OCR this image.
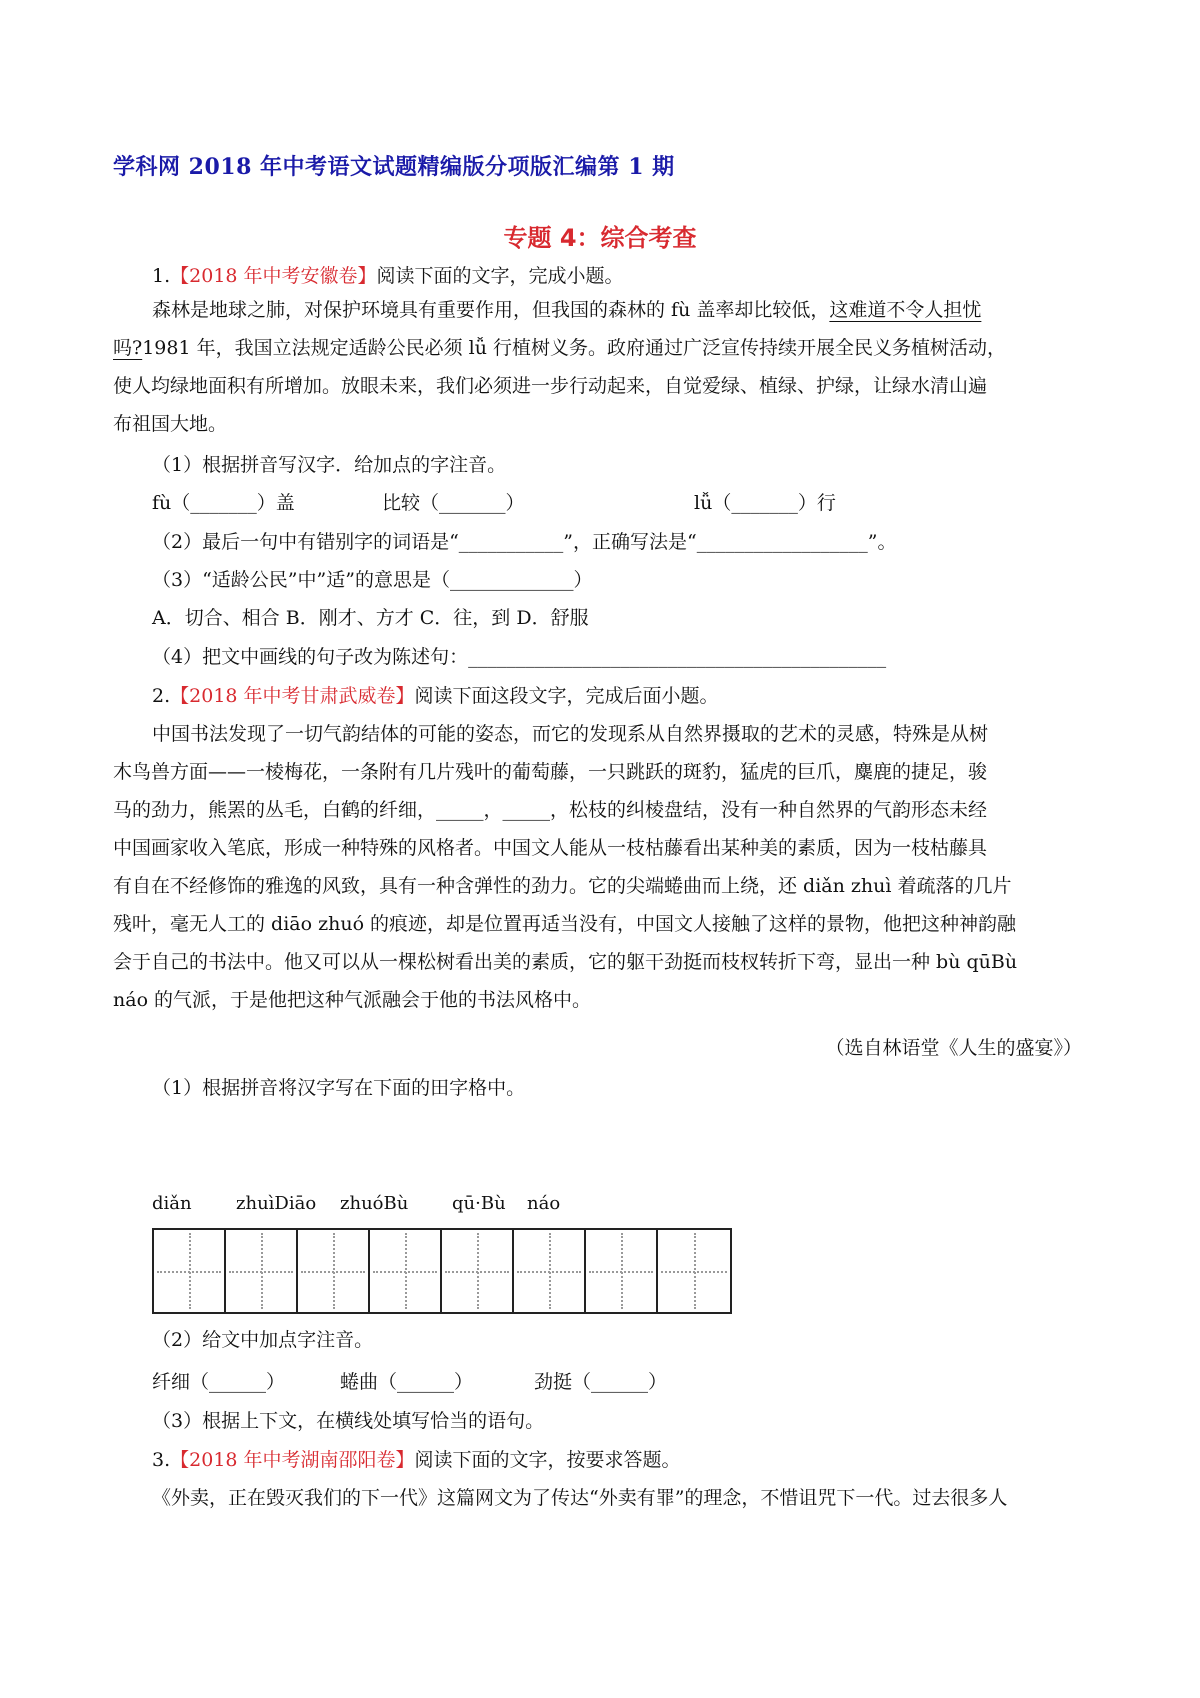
学科网 2018 年中考语文试题精编版分项版汇编第 1 期
专题 4：综合考查
1.【2018 年中考安徽卷】阅读下面的文字，完成小题。
森林是地球之肺，对保护环境具有重要作用，但我国的森林的 fù 盖率却比较低，这难道不令人担忧
吗?1981 年，我国立法规定适龄公民必须 lǚ 行植树义务。政府通过广泛宣传持续开展全民义务植树活动，
使人均绿地面积有所增加。放眼未来，我们必须进一步行动起来，自觉爱绿、植绿、护绿，让绿水清山遍
布祖国大地。
（1）根据拼音写汉字．给加点的字注音。
fù（_______）盖	比较（_______）	lǚ（_______）行
（2）最后一句中有错别字的词语是“___________”，正确写法是“__________________”。
（3）“适龄公民”中”适”的意思是（_____________）
A．切合、相合 B．刚才、方才 C．往，到 D．舒服
（4）把文中画线的句子改为陈述句：____________________________________________
2.【2018 年中考甘肃武威卷】阅读下面这段文字，完成后面小题。
中国书法发现了一切气韵结体的可能的姿态，而它的发现系从自然界摄取的艺术的灵感，特殊是从树
木鸟兽方面——一棱梅花，一条附有几片残叶的葡萄藤，一只跳跃的斑豹，猛虎的巨爪，麋鹿的捷足，骏
马的劲力，熊罴的丛毛，白鹤的纤细，_____，_____，松枝的纠棱盘结，没有一种自然界的气韵形态未经
中国画家收入笔底，形成一种特殊的风格者。中国文人能从一枝枯藤看出某种美的素质，因为一枝枯藤具
有自在不经修饰的雅逸的风致，具有一种含弹性的劲力。它的尖端蜷曲而上绕，还 diǎn zhuì 着疏落的几片
残叶，毫无人工的 diāo zhuó 的痕迹，却是位置再适当没有，中国文人接触了这样的景物，他把这种神韵融
会于自己的书法中。他又可以从一棵松树看出美的素质，它的躯干劲挺而枝杈转折下弯，显出一种 bù qūBù
náo 的气派，于是他把这种气派融会于他的书法风格中。
（选自林语堂《人生的盛宴》）
（1）根据拼音将汉字写在下面的田字格中。
diǎn zhuìDiāo zhuóBù qū·Bù náo
（2）给文中加点字注音。
纤细（______）	蜷曲（______）	劲挺（______）
（3）根据上下文，在横线处填写恰当的语句。
3.【2018 年中考湖南邵阳卷】阅读下面的文字，按要求答题。
《外卖，正在毁灭我们的下一代》这篇网文为了传达“外卖有罪”的理念，不惜诅咒下一代。过去很多人
